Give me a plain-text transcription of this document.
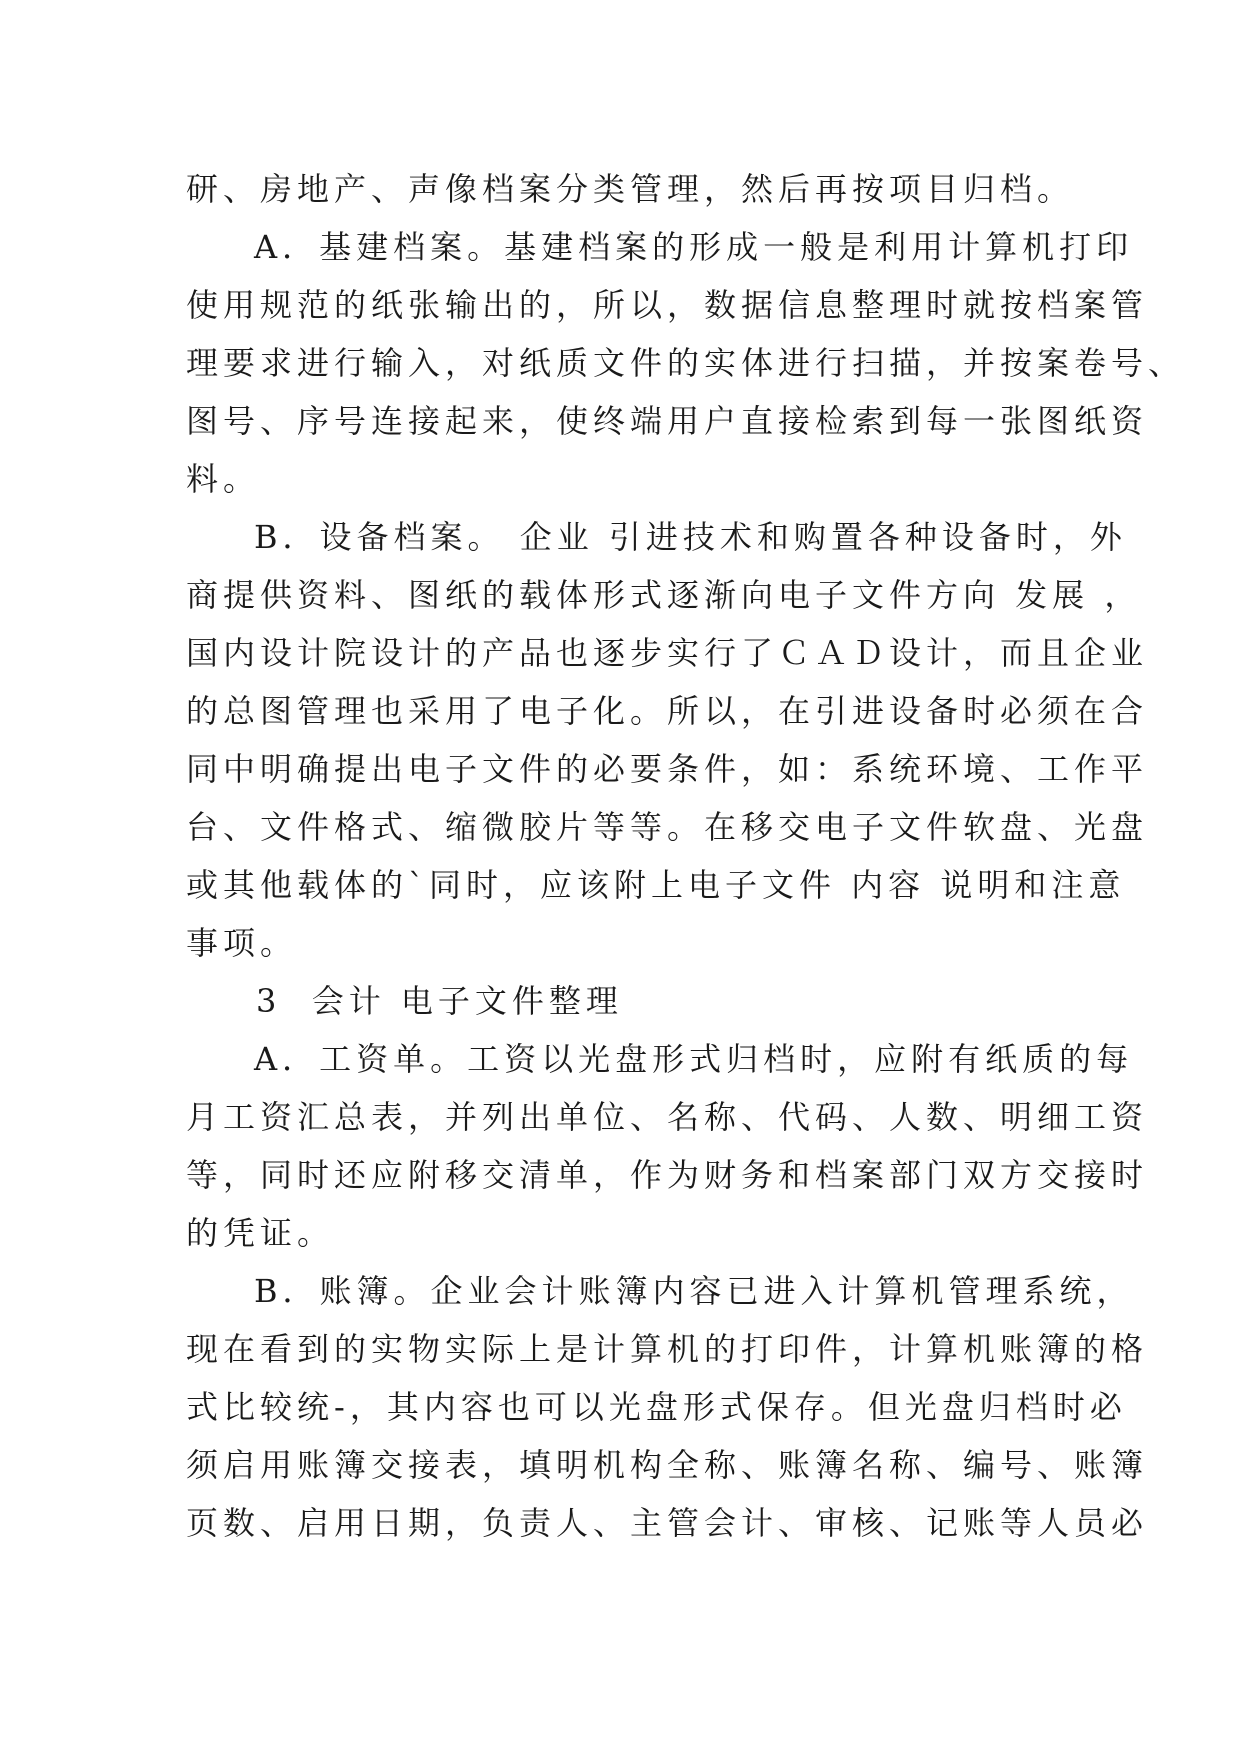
研、房地产、声像档案分类管理，然后再按项目归档。
A．基建档案。基建档案的形成一般是利用计算机打印
使用规范的纸张输出的，所以，数据信息整理时就按档案管
理要求进行输入，对纸质文件的实体进行扫描，并按案卷号、
图号、序号连接起来，使终端用户直接检索到每一张图纸资
料。
B．设备档案。 企业 引进技术和购置各种设备时，外
商提供资料、图纸的载体形式逐渐向电子文件方向 发展 ，
国内设计院设计的产品也逐步实行了ＣＡＤ设计，而且企业
的总图管理也采用了电子化。所以，在引进设备时必须在合
同中明确提出电子文件的必要条件，如：系统环境、工作平
台、文件格式、缩微胶片等等。在移交电子文件软盘、光盘
或其他载体的`同时，应该附上电子文件 内容 说明和注意
事项。
3  会计 电子文件整理
A．工资单。工资以光盘形式归档时，应附有纸质的每
月工资汇总表，并列出单位、名称、代码、人数、明细工资
等，同时还应附移交清单，作为财务和档案部门双方交接时
的凭证。
B．账簿。企业会计账簿内容已进入计算机管理系统，
现在看到的实物实际上是计算机的打印件，计算机账簿的格
式比较统-，其内容也可以光盘形式保存。但光盘归档时必
须启用账簿交接表，填明机构全称、账簿名称、编号、账簿
页数、启用日期，负责人、主管会计、审核、记账等人员必
